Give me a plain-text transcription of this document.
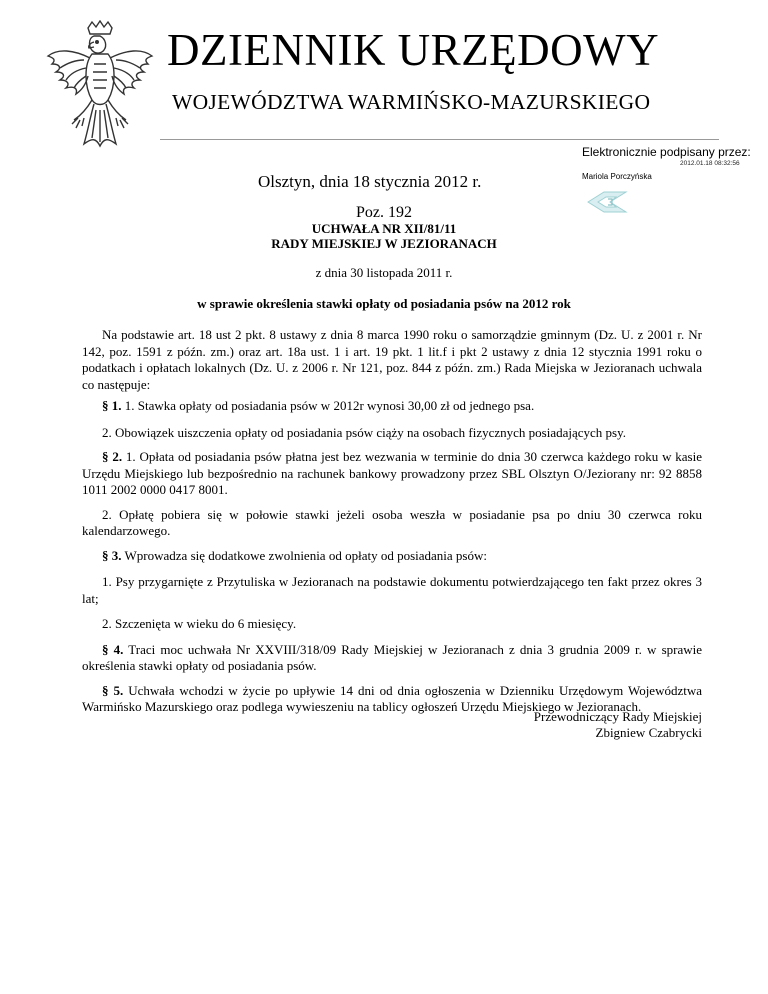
DZIENNIK URZĘDOWY
WOJEWÓDZTWA WARMIŃSKO-MAZURSKIEGO
Elektronicznie podpisany przez:
2012.01.18 08:32:56
Mariola Porczyńska
Olsztyn, dnia 18 stycznia 2012 r.
Poz. 192
UCHWAŁA NR XII/81/11
RADY MIEJSKIEJ W JEZIORANACH
z dnia 30 listopada 2011 r.
w sprawie określenia stawki opłaty od posiadania psów na 2012 rok

Na podstawie art. 18 ust 2 pkt. 8 ustawy z dnia 8 marca 1990 roku o samorządzie gminnym (Dz. U. z 2001 r. Nr 142, poz. 1591 z późn. zm.) oraz art. 18a ust. 1 i art. 19 pkt. 1 lit.f i pkt 2 ustawy z dnia 12 stycznia 1991 roku o podatkach i opłatach lokalnych (Dz. U. z 2006 r. Nr 121, poz. 844 z późn. zm.) Rada Miejska w Jezioranach uchwala co następuje:

§ 1. 1. Stawka opłaty od posiadania psów w 2012r wynosi 30,00 zł od jednego psa.

2. Obowiązek uiszczenia opłaty od posiadania psów ciąży na osobach fizycznych posiadających psy.

§ 2. 1. Opłata od posiadania psów płatna jest bez wezwania w terminie do dnia 30 czerwca każdego roku w kasie Urzędu Miejskiego lub bezpośrednio na rachunek bankowy prowadzony przez SBL Olsztyn O/Jeziorany nr: 92 8858 1011 2002 0000 0417 8001.

2. Opłatę pobiera się w połowie stawki jeżeli osoba weszła w posiadanie psa po dniu 30 czerwca roku kalendarzowego.

§ 3. Wprowadza się dodatkowe zwolnienia od opłaty od posiadania psów:

1. Psy przygarnięte z Przytuliska w Jezioranach na podstawie dokumentu potwierdzającego ten fakt przez okres 3 lat;

2. Szczenięta w wieku do 6 miesięcy.

§ 4. Traci moc uchwała Nr XXVIII/318/09 Rady Miejskiej w Jezioranach z dnia 3 grudnia 2009 r. w sprawie określenia stawki opłaty od posiadania psów.

§ 5. Uchwała wchodzi w życie po upływie 14 dni od dnia ogłoszenia w Dzienniku Urzędowym Województwa Warmińsko Mazurskiego oraz podlega wywieszeniu na tablicy ogłoszeń Urzędu Miejskiego w Jezioranach.

Przewodniczący Rady Miejskiej
Zbigniew Czabrycki
